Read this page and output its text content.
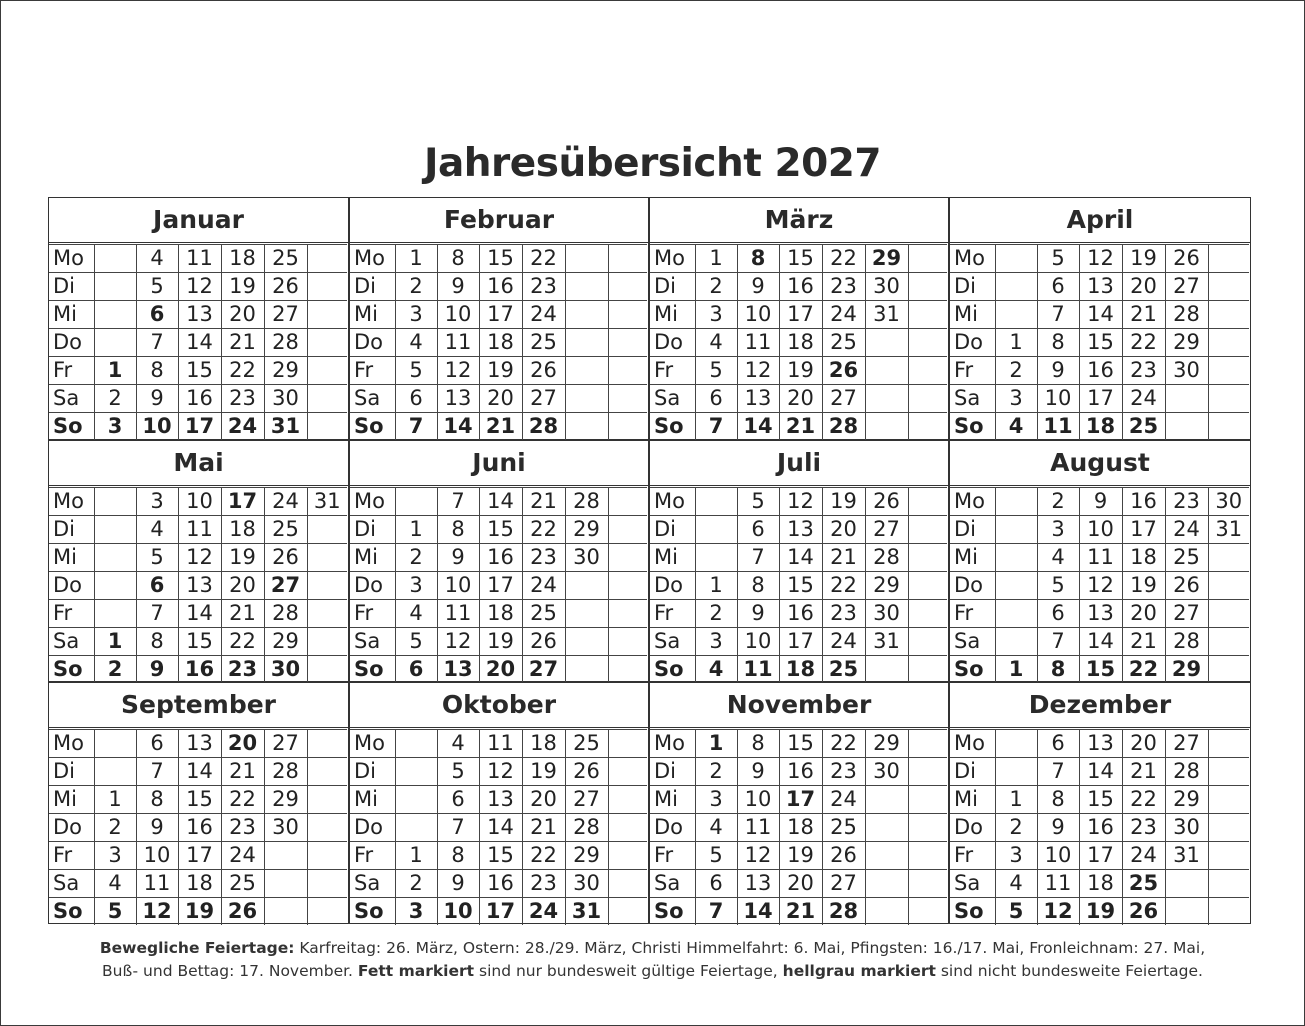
Jahresübersicht 2027
Januar
Mo		4	11	18	25	
Di		5	12	19	26	
Mi		6	13	20	27	
Do		7	14	21	28	
Fr	1	8	15	22	29	
Sa	2	9	16	23	30	
So	3	10	17	24	31	
Februar
Mo	1	8	15	22		
Di	2	9	16	23		
Mi	3	10	17	24		
Do	4	11	18	25		
Fr	5	12	19	26		
Sa	6	13	20	27		
So	7	14	21	28		
März
Mo	1	8	15	22	29	
Di	2	9	16	23	30	
Mi	3	10	17	24	31	
Do	4	11	18	25		
Fr	5	12	19	26		
Sa	6	13	20	27		
So	7	14	21	28		
April
Mo		5	12	19	26	
Di		6	13	20	27	
Mi		7	14	21	28	
Do	1	8	15	22	29	
Fr	2	9	16	23	30	
Sa	3	10	17	24		
So	4	11	18	25		
Mai
Mo		3	10	17	24	31
Di		4	11	18	25	
Mi		5	12	19	26	
Do		6	13	20	27	
Fr		7	14	21	28	
Sa	1	8	15	22	29	
So	2	9	16	23	30	
Juni
Mo		7	14	21	28	
Di	1	8	15	22	29	
Mi	2	9	16	23	30	
Do	3	10	17	24		
Fr	4	11	18	25		
Sa	5	12	19	26		
So	6	13	20	27		
Juli
Mo		5	12	19	26	
Di		6	13	20	27	
Mi		7	14	21	28	
Do	1	8	15	22	29	
Fr	2	9	16	23	30	
Sa	3	10	17	24	31	
So	4	11	18	25		
August
Mo		2	9	16	23	30
Di		3	10	17	24	31
Mi		4	11	18	25	
Do		5	12	19	26	
Fr		6	13	20	27	
Sa		7	14	21	28	
So	1	8	15	22	29	
September
Mo		6	13	20	27	
Di		7	14	21	28	
Mi	1	8	15	22	29	
Do	2	9	16	23	30	
Fr	3	10	17	24		
Sa	4	11	18	25		
So	5	12	19	26		
Oktober
Mo		4	11	18	25	
Di		5	12	19	26	
Mi		6	13	20	27	
Do		7	14	21	28	
Fr	1	8	15	22	29	
Sa	2	9	16	23	30	
So	3	10	17	24	31	
November
Mo	1	8	15	22	29	
Di	2	9	16	23	30	
Mi	3	10	17	24		
Do	4	11	18	25		
Fr	5	12	19	26		
Sa	6	13	20	27		
So	7	14	21	28		
Dezember
Mo		6	13	20	27	
Di		7	14	21	28	
Mi	1	8	15	22	29	
Do	2	9	16	23	30	
Fr	3	10	17	24	31	
Sa	4	11	18	25		
So	5	12	19	26		
Bewegliche Feiertage: Karfreitag: 26. März, Ostern: 28./29. März, Christi Himmelfahrt: 6. Mai, Pfingsten: 16./17. Mai, Fronleichnam: 27. Mai,
Buß- und Bettag: 17. November. Fett markiert sind nur bundesweit gültige Feiertage, hellgrau markiert sind nicht bundesweite Feiertage.
